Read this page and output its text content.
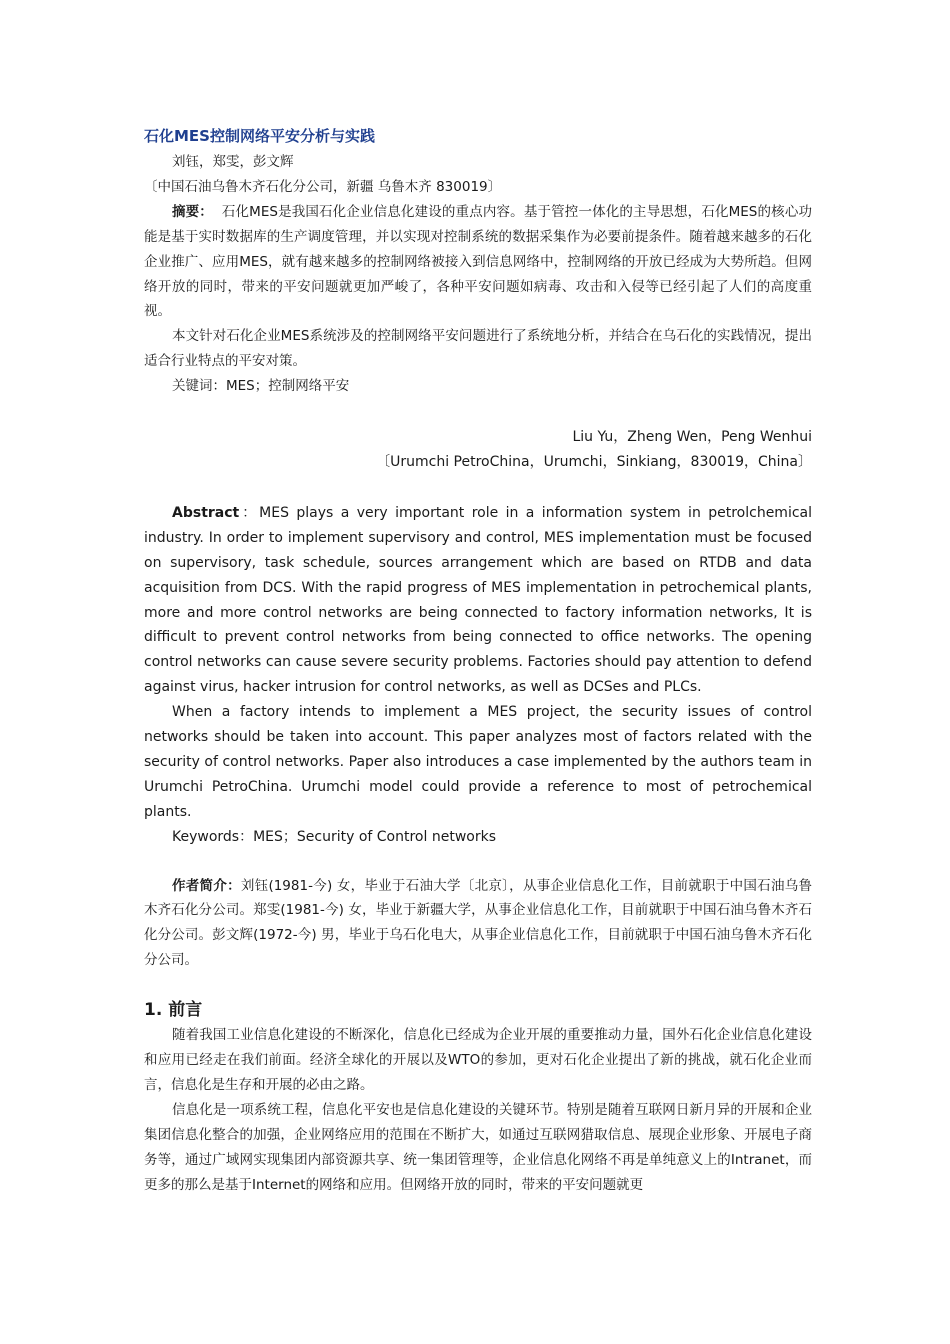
石化MES控制网络平安分析与实践

刘钰，郑雯，彭文辉

〔中国石油乌鲁木齐石化分公司，新疆 乌鲁木齐 830019〕

摘要： 石化MES是我国石化企业信息化建设的重点内容。基于管控一体化的主导思想，石化MES的核心功能是基于实时数据库的生产调度管理，并以实现对控制系统的数据采集作为必要前提条件。随着越来越多的石化企业推广、应用MES，就有越来越多的控制网络被接入到信息网络中，控制网络的开放已经成为大势所趋。但网络开放的同时，带来的平安问题就更加严峻了，各种平安问题如病毒、攻击和入侵等已经引起了人们的高度重视。

本文针对石化企业MES系统涉及的控制网络平安问题进行了系统地分析，并结合在乌石化的实践情况，提出适合行业特点的平安对策。

关键词：MES；控制网络平安

Liu Yu，Zheng Wen，Peng Wenhui

〔Urumchi PetroChina，Urumchi，Sinkiang，830019，China〕

Abstract：MES plays a very important role in a information system in petrolchemical industry. In order to implement supervisory and control, MES implementation must be focused on supervisory, task schedule, sources arrangement which are based on RTDB and data acquisition from DCS. With the rapid progress of MES implementation in petrochemical plants, more and more control networks are being connected to factory information networks, It is difficult to prevent control networks from being connected to office networks. The opening control networks can cause severe security problems. Factories should pay attention to defend against virus, hacker intrusion for control networks, as well as DCSes and PLCs.

When a factory intends to implement a MES project, the security issues of control networks should be taken into account. This paper analyzes most of factors related with the security of control networks. Paper also introduces a case implemented by the authors team in Urumchi PetroChina. Urumchi model could provide a reference to most of petrochemical plants.

Keywords：MES；Security of Control networks

作者简介：刘钰(1981-今) 女，毕业于石油大学〔北京〕，从事企业信息化工作，目前就职于中国石油乌鲁木齐石化分公司。郑雯(1981-今) 女，毕业于新疆大学，从事企业信息化工作，目前就职于中国石油乌鲁木齐石化分公司。彭文辉(1972-今) 男，毕业于乌石化电大，从事企业信息化工作，目前就职于中国石油乌鲁木齐石化分公司。

1. 前言

随着我国工业信息化建设的不断深化，信息化已经成为企业开展的重要推动力量，国外石化企业信息化建设和应用已经走在我们前面。经济全球化的开展以及WTO的参加，更对石化企业提出了新的挑战，就石化企业而言，信息化是生存和开展的必由之路。

信息化是一项系统工程，信息化平安也是信息化建设的关键环节。特别是随着互联网日新月异的开展和企业集团信息化整合的加强，企业网络应用的范围在不断扩大，如通过互联网猎取信息、展现企业形象、开展电子商务等，通过广域网实现集团内部资源共享、统一集团管理等，企业信息化网络不再是单纯意义上的Intranet，而更多的那么是基于Internet的网络和应用。但网络开放的同时，带来的平安问题就更
